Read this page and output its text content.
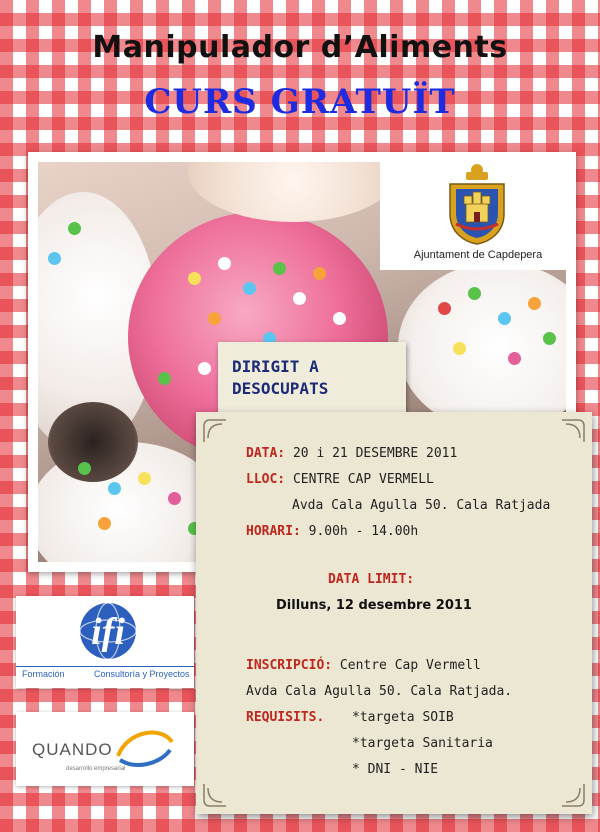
Manipulador d’Aliments
CURS GRATUÏT
Ajuntament de Capdepera
DIRIGIT A
DESOCUPATS
DATA: 20 i 21 DESEMBRE 2011
LLOC: CENTRE CAP VERMELL
Avda Cala Agulla 50. Cala Ratjada
HORARI: 9.00h - 14.00h
DATA LIMIT:
Dilluns, 12 desembre 2011
INSCRIPCIÓ: Centre Cap Vermell
Avda Cala Agulla 50. Cala Ratjada.
REQUISITS. *targeta SOIB
*targeta Sanitaria
* DNI - NIE
ifi
Formación	Consultoría y Proyectos
QUANDO
desarrollo empresarial
